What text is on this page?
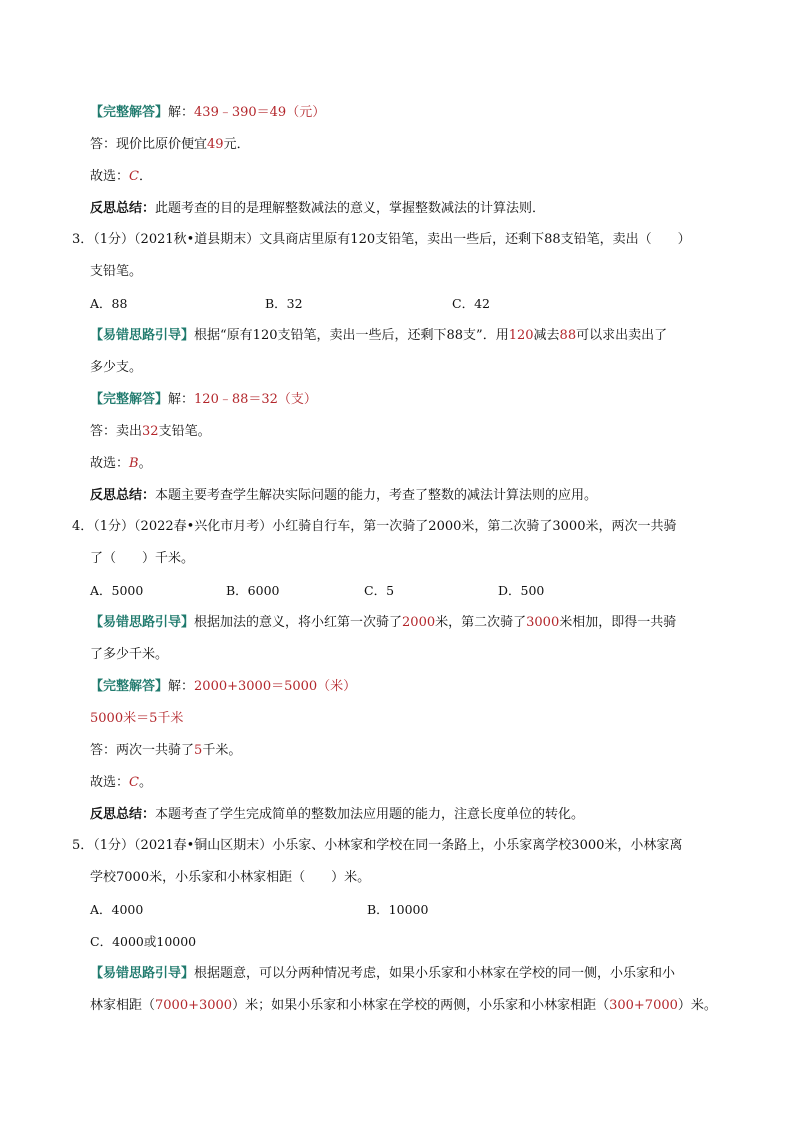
【完整解答】解：439﹣390＝49（元）
答：现价比原价便宜49元．
故选：C．
反思总结：此题考查的目的是理解整数减法的意义，掌握整数减法的计算法则．
3．（1分）（2021秋•道县期末）文具商店里原有120支铅笔，卖出一些后，还剩下88支铅笔，卖出（　　）
支铅笔。
A．88	B．32	C．42
【易错思路引导】根据“原有120支铅笔，卖出一些后，还剩下88支”．用120减去88可以求出卖出了
多少支。
【完整解答】解：120﹣88＝32（支）
答：卖出32支铅笔。
故选：B。
反思总结：本题主要考查学生解决实际问题的能力，考查了整数的减法计算法则的应用。
4．（1分）（2022春•兴化市月考）小红骑自行车，第一次骑了2000米，第二次骑了3000米，两次一共骑
了（　　）千米。
A．5000	B．6000	C．5	D．500
【易错思路引导】根据加法的意义，将小红第一次骑了2000米，第二次骑了3000米相加，即得一共骑
了多少千米。
【完整解答】解：2000+3000＝5000（米）
5000米＝5千米
答：两次一共骑了5千米。
故选：C。
反思总结：本题考查了学生完成简单的整数加法应用题的能力，注意长度单位的转化。
5．（1分）（2021春•铜山区期末）小乐家、小林家和学校在同一条路上，小乐家离学校3000米，小林家离
学校7000米，小乐家和小林家相距（　　）米。
A．4000	B．10000
C．4000或10000
【易错思路引导】根据题意，可以分两种情况考虑，如果小乐家和小林家在学校的同一侧，小乐家和小
林家相距（7000+3000）米；如果小乐家和小林家在学校的两侧，小乐家和小林家相距（300+7000）米。
